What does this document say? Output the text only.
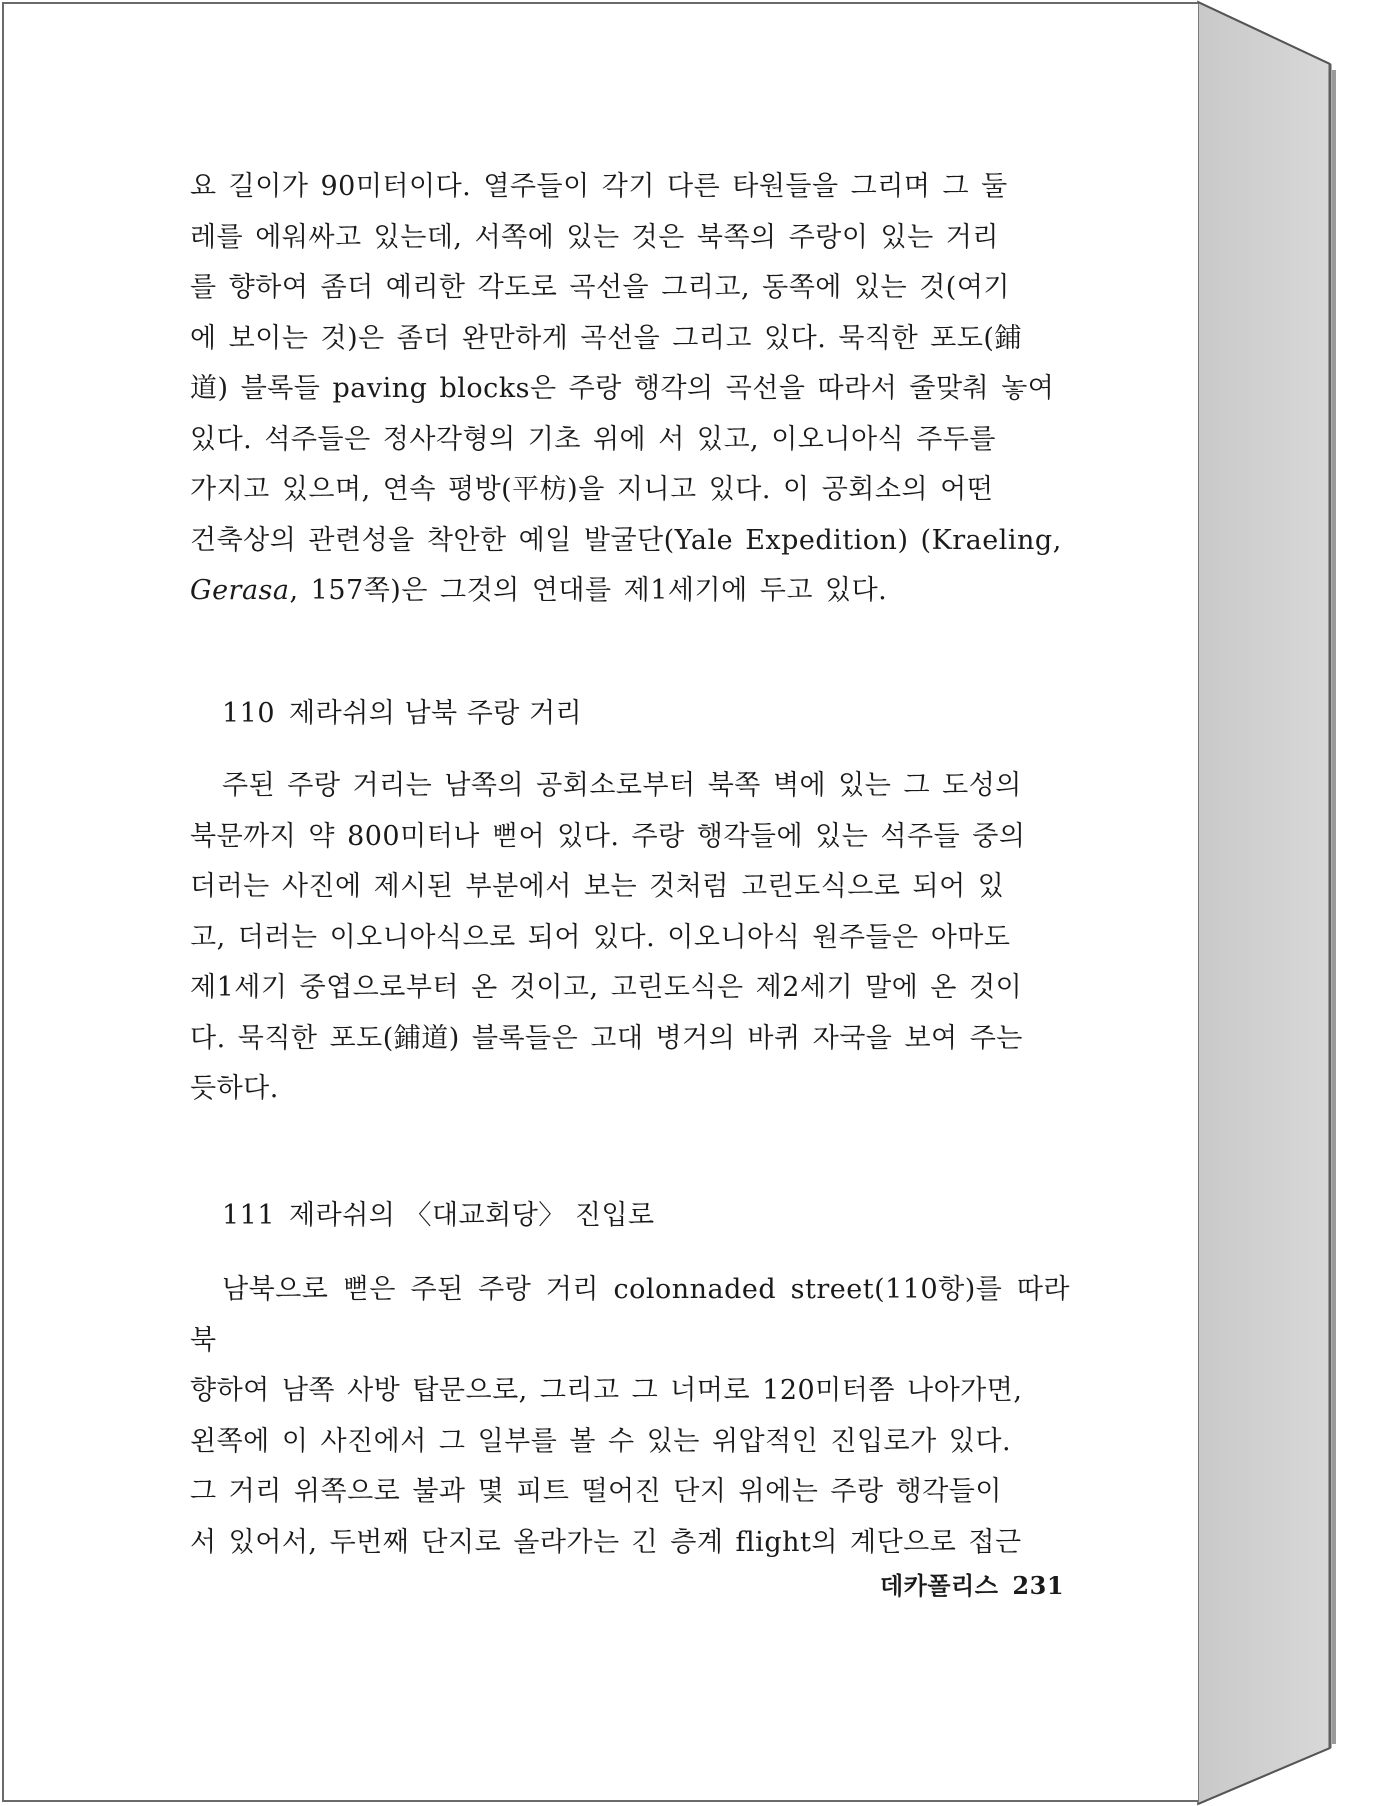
요 길이가 90미터이다. 열주들이 각기 다른 타원들을 그리며 그 둘

레를 에워싸고 있는데, 서쪽에 있는 것은 북쪽의 주랑이 있는 거리

를 향하여 좀더 예리한 각도로 곡선을 그리고, 동쪽에 있는 것(여기

에 보이는 것)은 좀더 완만하게 곡선을 그리고 있다. 묵직한 포도(鋪

道) 블록들 paving blocks은 주랑 행각의 곡선을 따라서 줄맞춰 놓여

있다. 석주들은 정사각형의 기초 위에 서 있고, 이오니아식 주두를

가지고 있으며, 연속 평방(平枋)을 지니고 있다. 이 공회소의 어떤

건축상의 관련성을 착안한 예일 발굴단(Yale Expedition) (Kraeling,

Gerasa, 157쪽)은 그것의 연대를 제1세기에 두고 있다.

110 제라쉬의 남북 주랑 거리

주된 주랑 거리는 남쪽의 공회소로부터 북쪽 벽에 있는 그 도성의

북문까지 약 800미터나 뻗어 있다. 주랑 행각들에 있는 석주들 중의

더러는 사진에 제시된 부분에서 보는 것처럼 고린도식으로 되어 있

고, 더러는 이오니아식으로 되어 있다. 이오니아식 원주들은 아마도

제1세기 중엽으로부터 온 것이고, 고린도식은 제2세기 말에 온 것이

다. 묵직한 포도(鋪道) 블록들은 고대 병거의 바퀴 자국을 보여 주는

듯하다.

111 제라쉬의 〈대교회당〉 진입로

남북으로 뻗은 주된 주랑 거리 colonnaded street(110항)를 따라 북

향하여 남쪽 사방 탑문으로, 그리고 그 너머로 120미터쯤 나아가면,

왼쪽에 이 사진에서 그 일부를 볼 수 있는 위압적인 진입로가 있다.

그 거리 위쪽으로 불과 몇 피트 떨어진 단지 위에는 주랑 행각들이

서 있어서, 두번째 단지로 올라가는 긴 층계 flight의 계단으로 접근

데카폴리스 231
